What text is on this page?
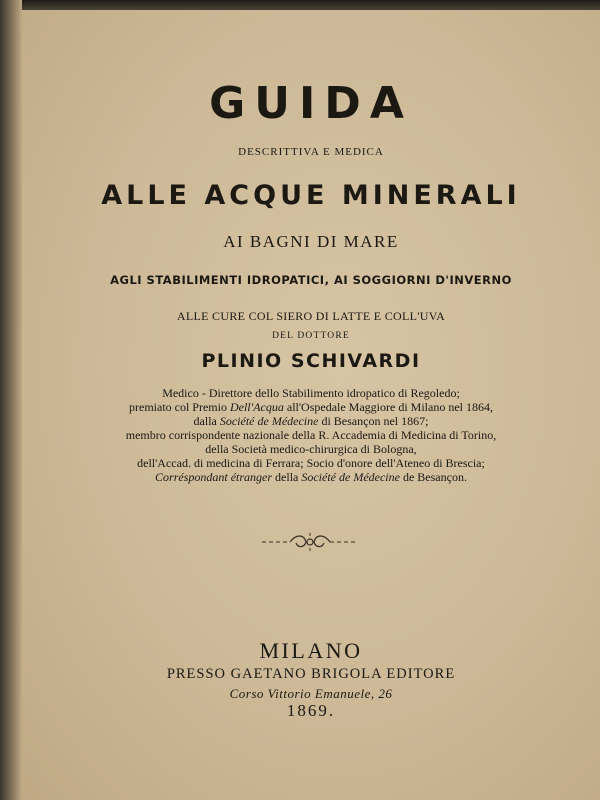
GUIDA
DESCRITTIVA E MEDICA
ALLE ACQUE MINERALI
AI BAGNI DI MARE
AGLI STABILIMENTI IDROPATICI, AI SOGGIORNI D'INVERNO
ALLE CURE COL SIERO DI LATTE E COLL'UVA
DEL DOTTORE
PLINIO SCHIVARDI
Medico - Direttore dello Stabilimento idropatico di Regoledo;
premiato col Premio Dell'Acqua all'Ospedale Maggiore di Milano nel 1864,
dalla Société de Médecine di Besançon nel 1867;
membro corrispondente nazionale della R. Accademia di Medicina di Torino,
della Società medico-chirurgica di Bologna,
dell'Accad. di medicina di Ferrara; Socio d'onore dell'Ateneo di Brescia;
Corréspondant étranger della Société de Médecine de Besançon.
MILANO
PRESSO GAETANO BRIGOLA EDITORE
Corso Vittorio Emanuele, 26
1869.
